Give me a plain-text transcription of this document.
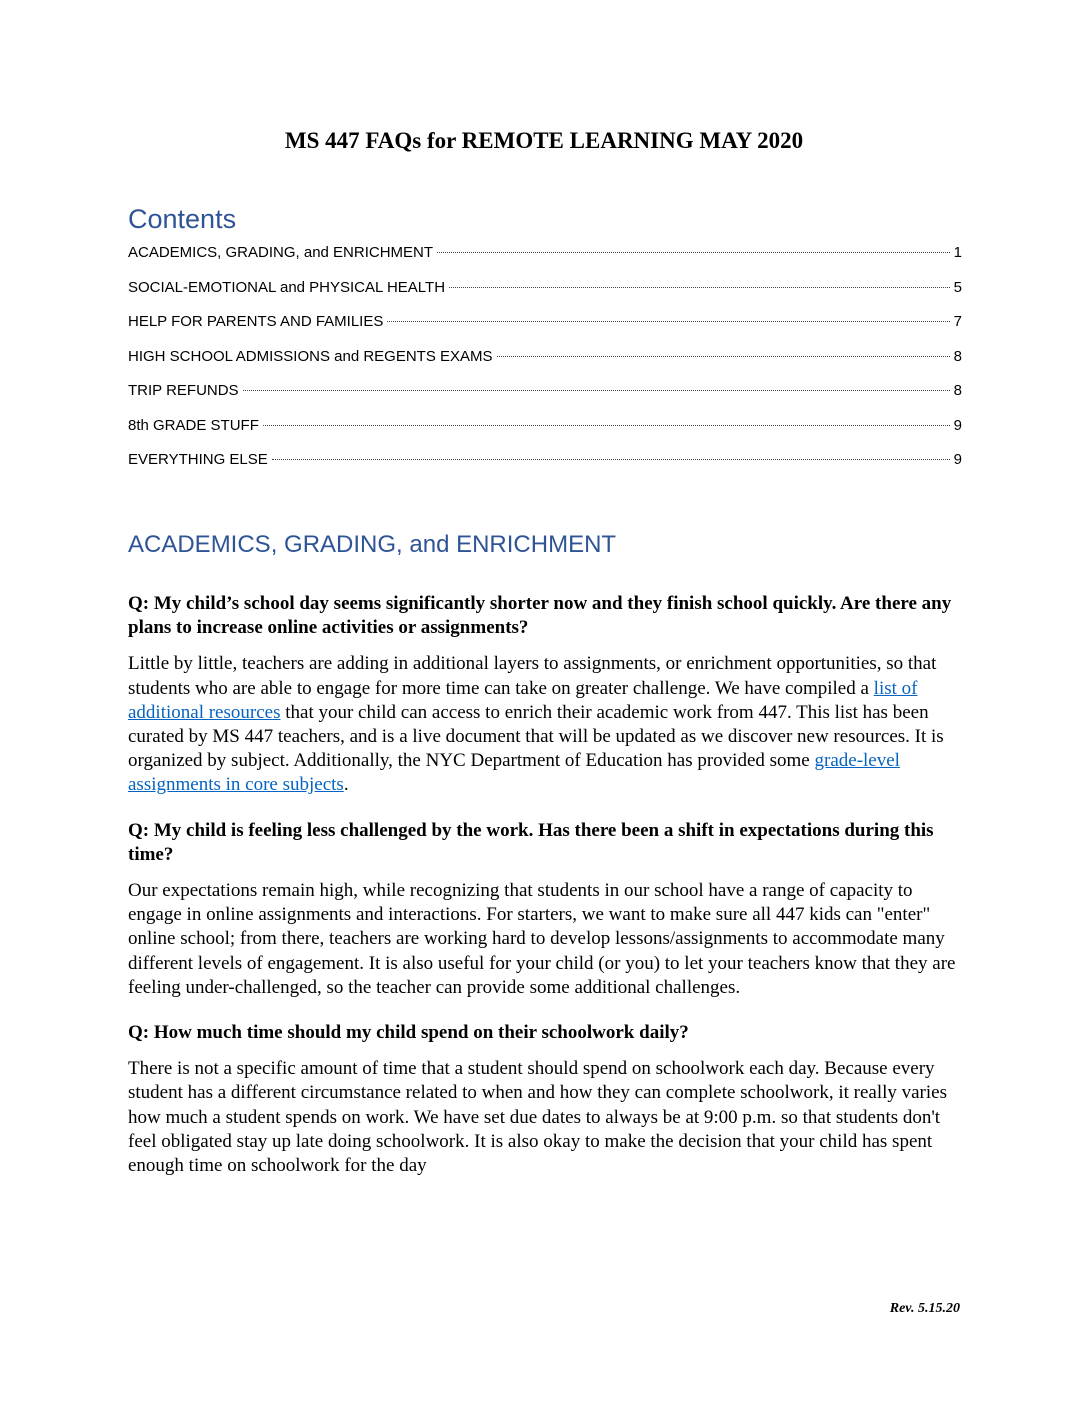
MS 447 FAQs for REMOTE LEARNING MAY 2020
Contents
ACADEMICS, GRADING, and ENRICHMENT	1
SOCIAL-EMOTIONAL and PHYSICAL HEALTH	5
HELP FOR PARENTS AND FAMILIES	7
HIGH SCHOOL ADMISSIONS and REGENTS EXAMS	8
TRIP REFUNDS	8
8th GRADE STUFF	9
EVERYTHING ELSE	9
ACADEMICS, GRADING, and ENRICHMENT

Q: My child’s school day seems significantly shorter now and they finish school quickly. Are there any plans to increase online activities or assignments?

Little by little, teachers are adding in additional layers to assignments, or enrichment opportunities, so that students who are able to engage for more time can take on greater challenge. We have compiled a list of additional resources that your child can access to enrich their academic work from 447. This list has been curated by MS 447 teachers, and is a live document that will be updated as we discover new resources. It is organized by subject. Additionally, the NYC Department of Education has provided some grade-level assignments in core subjects.

Q: My child is feeling less challenged by the work. Has there been a shift in expectations during this time?

Our expectations remain high, while recognizing that students in our school have a range of capacity to engage in online assignments and interactions. For starters, we want to make sure all 447 kids can "enter" online school; from there, teachers are working hard to develop lessons/assignments to accommodate many different levels of engagement. It is also useful for your child (or you) to let your teachers know that they are feeling under-challenged, so the teacher can provide some additional challenges.

Q: How much time should my child spend on their schoolwork daily?

There is not a specific amount of time that a student should spend on schoolwork each day. Because every student has a different circumstance related to when and how they can complete schoolwork, it really varies how much a student spends on work. We have set due dates to always be at 9:00 p.m. so that students don't feel obligated stay up late doing schoolwork. It is also okay to make the decision that your child has spent enough time on schoolwork for the day

Rev. 5.15.20
